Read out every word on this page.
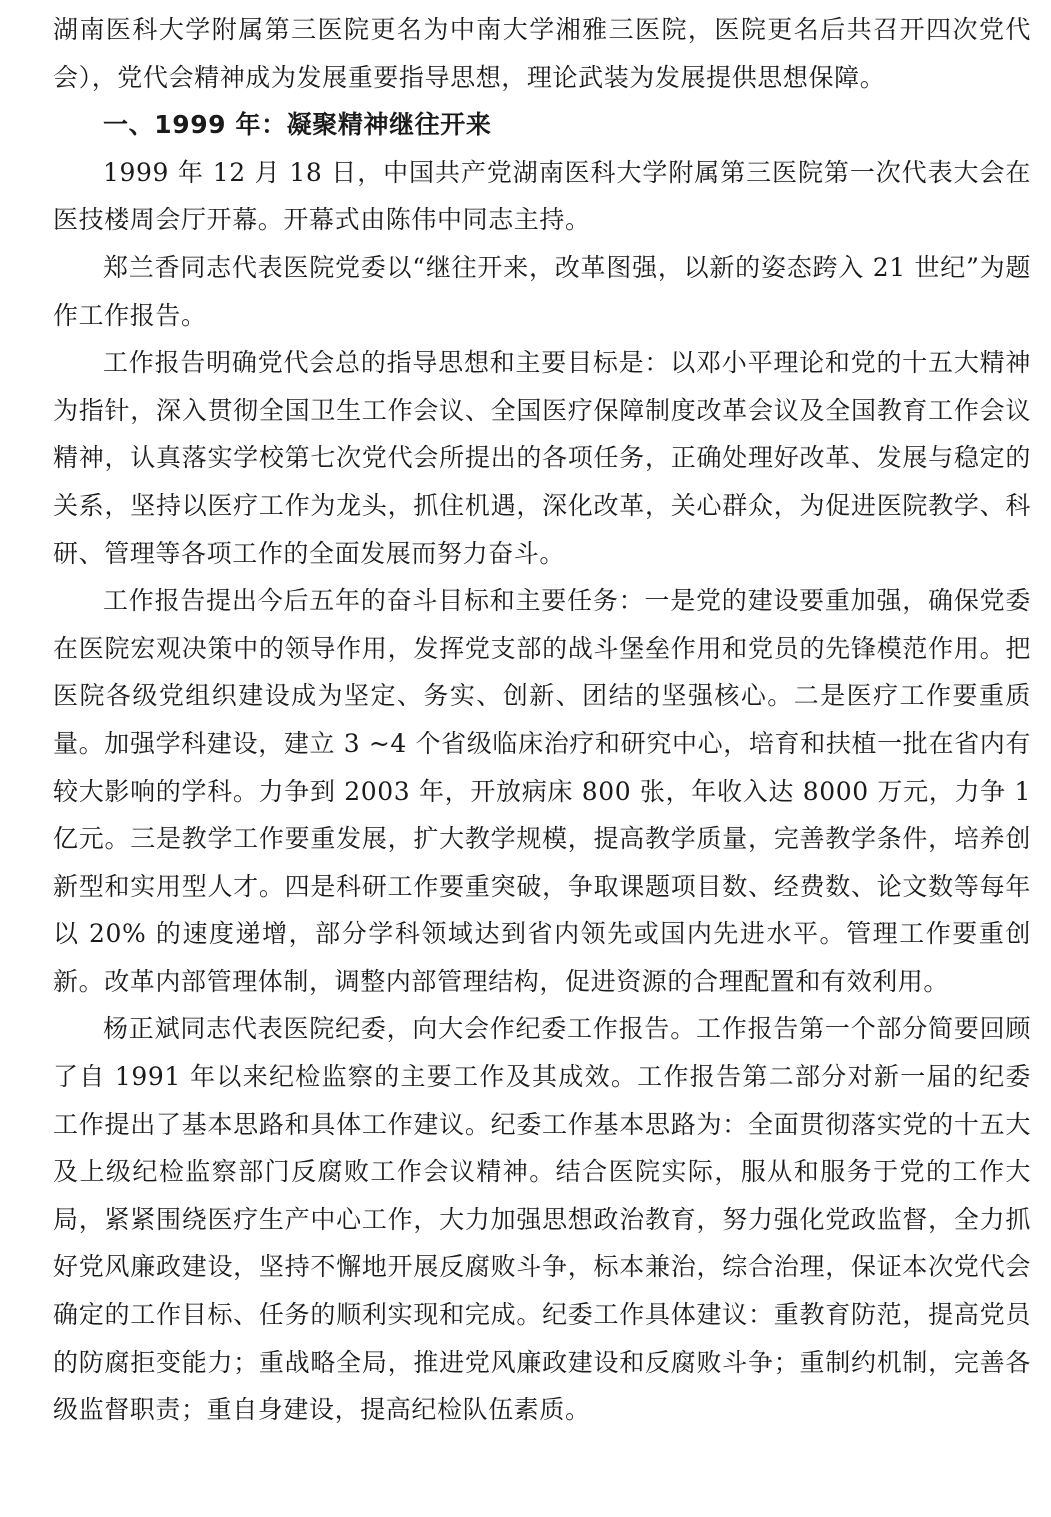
湖南医科大学附属第三医院更名为中南大学湘雅三医院，医院更名后共召开四次党代会），党代会精神成为发展重要指导思想，理论武装为发展提供思想保障。

一、1999 年：凝聚精神继往开来

1999 年 12 月 18 日，中国共产党湖南医科大学附属第三医院第一次代表大会在医技楼周会厅开幕。开幕式由陈伟中同志主持。

郑兰香同志代表医院党委以“继往开来，改革图强，以新的姿态跨入 21 世纪”为题作工作报告。

工作报告明确党代会总的指导思想和主要目标是：以邓小平理论和党的十五大精神为指针，深入贯彻全国卫生工作会议、全国医疗保障制度改革会议及全国教育工作会议精神，认真落实学校第七次党代会所提出的各项任务，正确处理好改革、发展与稳定的关系，坚持以医疗工作为龙头，抓住机遇，深化改革，关心群众，为促进医院教学、科研、管理等各项工作的全面发展而努力奋斗。

工作报告提出今后五年的奋斗目标和主要任务：一是党的建设要重加强，确保党委在医院宏观决策中的领导作用，发挥党支部的战斗堡垒作用和党员的先锋模范作用。把医院各级党组织建设成为坚定、务实、创新、团结的坚强核心。二是医疗工作要重质量。加强学科建设，建立 3 ~4 个省级临床治疗和研究中心，培育和扶植一批在省内有较大影响的学科。力争到 2003 年，开放病床 800 张，年收入达 8000 万元，力争 1 亿元。三是教学工作要重发展，扩大教学规模，提高教学质量，完善教学条件，培养创新型和实用型人才。四是科研工作要重突破，争取课题项目数、经费数、论文数等每年以 20% 的速度递增，部分学科领域达到省内领先或国内先进水平。管理工作要重创新。改革内部管理体制，调整内部管理结构，促进资源的合理配置和有效利用。

杨正斌同志代表医院纪委，向大会作纪委工作报告。工作报告第一个部分简要回顾了自 1991 年以来纪检监察的主要工作及其成效。工作报告第二部分对新一届的纪委工作提出了基本思路和具体工作建议。纪委工作基本思路为：全面贯彻落实党的十五大及上级纪检监察部门反腐败工作会议精神。结合医院实际，服从和服务于党的工作大局，紧紧围绕医疗生产中心工作，大力加强思想政治教育，努力强化党政监督，全力抓好党风廉政建设，坚持不懈地开展反腐败斗争，标本兼治，综合治理，保证本次党代会确定的工作目标、任务的顺利实现和完成。纪委工作具体建议：重教育防范，提高党员的防腐拒变能力；重战略全局，推进党风廉政建设和反腐败斗争；重制约机制，完善各级监督职责；重自身建设，提高纪检队伍素质。
